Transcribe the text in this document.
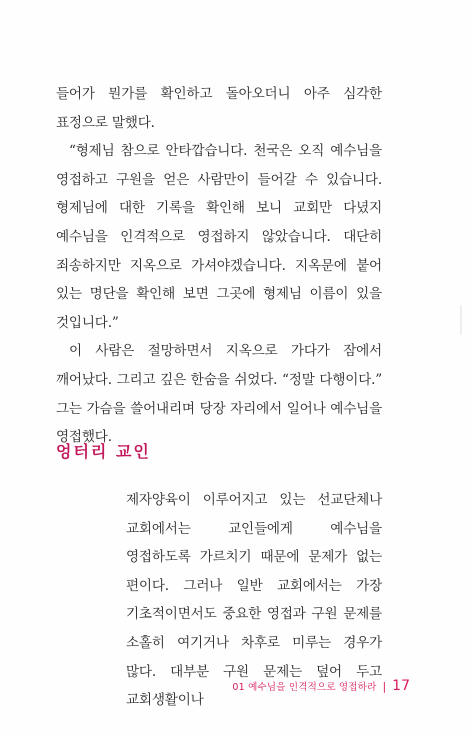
들어가 뭔가를 확인하고 돌아오더니 아주 심각한 표정으로 말했다.

“형제님 참으로 안타깝습니다. 천국은 오직 예수님을 영접하고 구원을 얻은 사람만이 들어갈 수 있습니다. 형제님에 대한 기록을 확인해 보니 교회만 다녔지 예수님을 인격적으로 영접하지 않았습니다. 대단히 죄송하지만 지옥으로 가셔야겠습니다. 지옥문에 붙어 있는 명단을 확인해 보면 그곳에 형제님 이름이 있을 것입니다.”

이 사람은 절망하면서 지옥으로 가다가 잠에서 깨어났다. 그리고 깊은 한숨을 쉬었다. “정말 다행이다.” 그는 가슴을 쓸어내리며 당장 자리에서 일어나 예수님을 영접했다.

엉터리 교인

제자양육이 이루어지고 있는 선교단체나 교회에서는 교인들에게 예수님을 영접하도록 가르치기 때문에 문제가 없는 편이다. 그러나 일반 교회에서는 가장 기초적이면서도 중요한 영접과 구원 문제를 소홀히 여기거나 차후로 미루는 경우가 많다. 대부분 구원 문제는 덮어 두고 교회생활이나

01 예수님을 인격적으로 영접하라 | 17
